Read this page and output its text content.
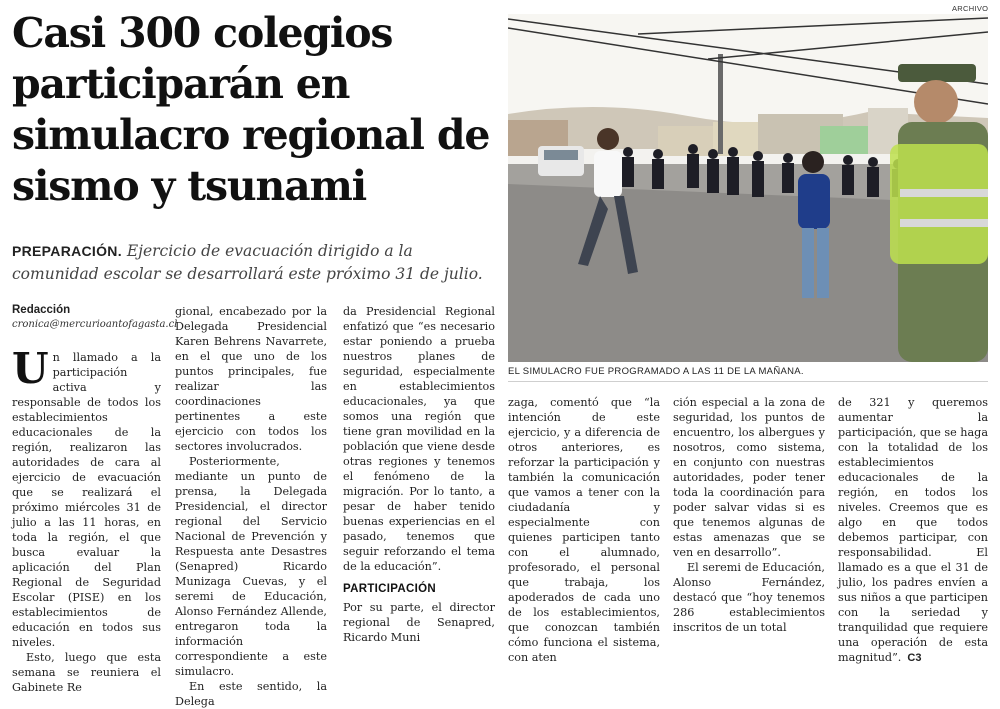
Casi 300 colegios
participarán en
simulacro regional de
sismo y tsunami

PREPARACIÓN. Ejercicio de evacuación dirigido a la comunidad escolar se desarrollará este próximo 31 de julio.

Redacción
cronica@mercurioantofagasta.cl

Un llamado a la participación activa y responsable de todos los establecimientos educacionales de la región, realizaron las autoridades de cara al ejercicio de evacuación que se realizará el próximo miércoles 31 de julio a las 11 horas, en toda la región, el que busca evaluar la aplicación del Plan Regional de Seguridad Escolar (PISE) en los establecimientos de educación en todos sus niveles.

Esto, luego que esta semana se reuniera el Gabinete Re

gional, encabezado por la Delegada Presidencial Karen Behrens Navarrete, en el que uno de los puntos principales, fue realizar las coordinaciones pertinentes a este ejercicio con todos los sectores involucrados.

Posteriormente, mediante un punto de prensa, la Delegada Presidencial, el director regional del Servicio Nacional de Prevención y Respuesta ante Desastres (Senapred) Ricardo Munizaga Cuevas, y el seremi de Educación, Alonso Fernández Allende, entregaron toda la información correspondiente a este simulacro.

En este sentido, la Delega

da Presidencial Regional enfatizó que “es necesario estar poniendo a prueba nuestros planes de seguridad, especialmente en establecimientos educacionales, ya que somos una región que tiene gran movilidad en la población que viene desde otras regiones y tenemos el fenómeno de la migración. Por lo tanto, a pesar de haber tenido buenas experiencias en el pasado, tenemos que seguir reforzando el tema de la educación”.

PARTICIPACIÓN

Por su parte, el director regional de Senapred, Ricardo Muni

zaga, comentó que “la intención de este ejercicio, y a diferencia de otros anteriores, es reforzar la participación y también la comunicación que vamos a tener con la ciudadanía y especialmente con quienes participen tanto con el alumnado, profesorado, el personal que trabaja, los apoderados de cada uno de los establecimientos, que conozcan también cómo funciona el sistema, con aten

ción especial a la zona de seguridad, los puntos de encuentro, los albergues y nosotros, como sistema, en conjunto con nuestras autoridades, poder tener toda la coordinación para poder salvar vidas si es que tenemos algunas de estas amenazas que se ven en desarrollo”.

El seremi de Educación, Alonso Fernández, destacó que “hoy tenemos 286 establecimientos inscritos de un total

de 321 y queremos aumentar la participación, que se haga con la totalidad de los establecimientos educacionales de la región, en todos los niveles. Creemos que es algo en que todos debemos participar, con responsabilidad. El llamado es a que el 31 de julio, los padres envíen a sus niños a que participen con la seriedad y tranquilidad que requiere una operación de esta magnitud”. C3

ARCHIVO
EL SIMULACRO FUE PROGRAMADO A LAS 11 DE LA MAÑANA.
